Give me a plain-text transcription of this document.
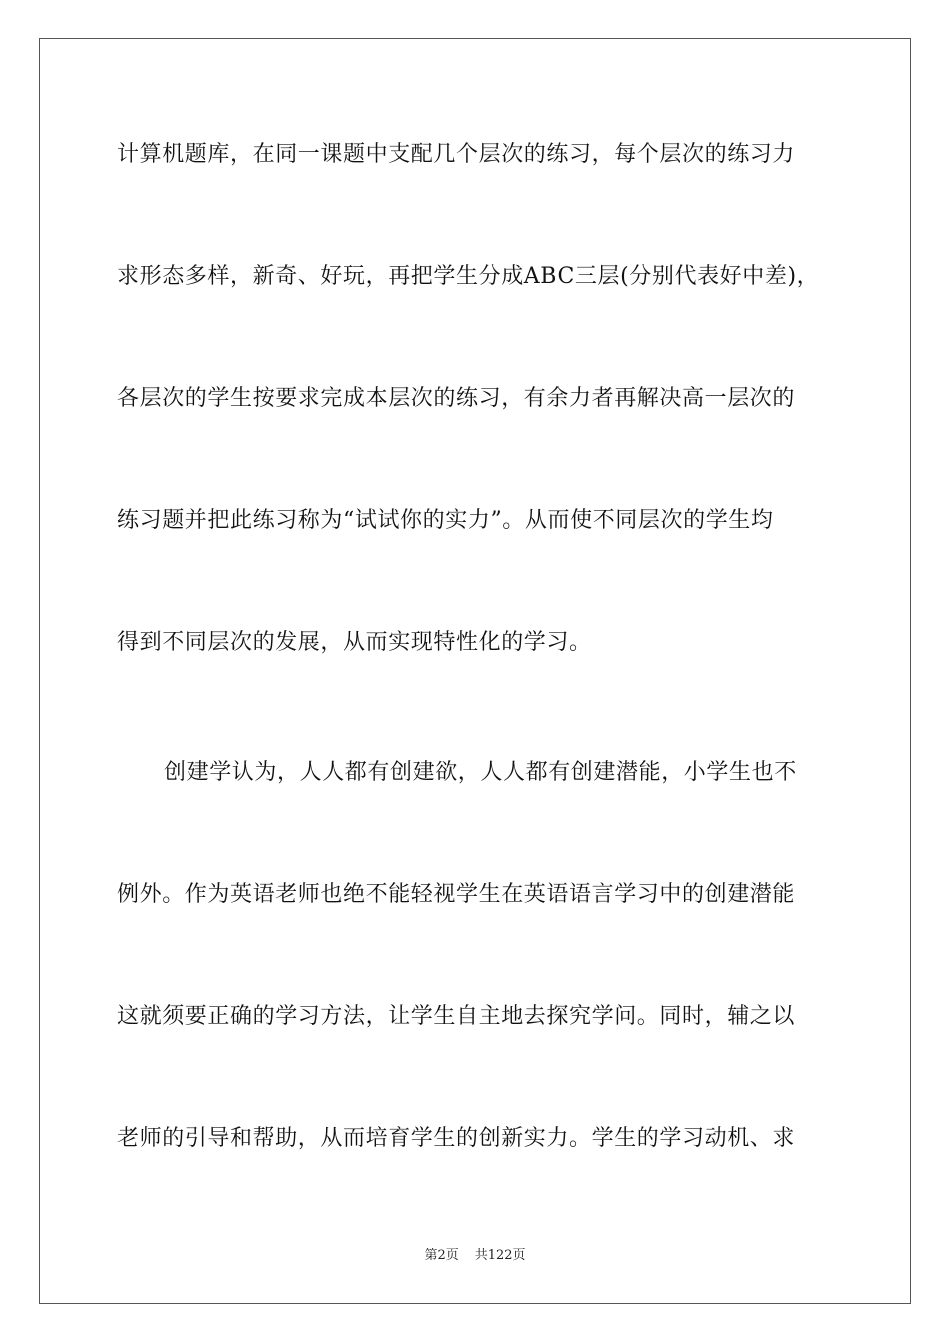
计算机题库，在同一课题中支配几个层次的练习，每个层次的练习力
求形态多样，新奇、好玩，再把学生分成ABC三层(分别代表好中差)，
各层次的学生按要求完成本层次的练习，有余力者再解决高一层次的
练习题并把此练习称为“试试你的实力”。从而使不同层次的学生均
得到不同层次的发展，从而实现特性化的学习。
创建学认为，人人都有创建欲，人人都有创建潜能，小学生也不
例外。作为英语老师也绝不能轻视学生在英语语言学习中的创建潜能
这就须要正确的学习方法，让学生自主地去探究学问。同时，辅之以
老师的引导和帮助，从而培育学生的创新实力。学生的学习动机、求
第2页 共122页
